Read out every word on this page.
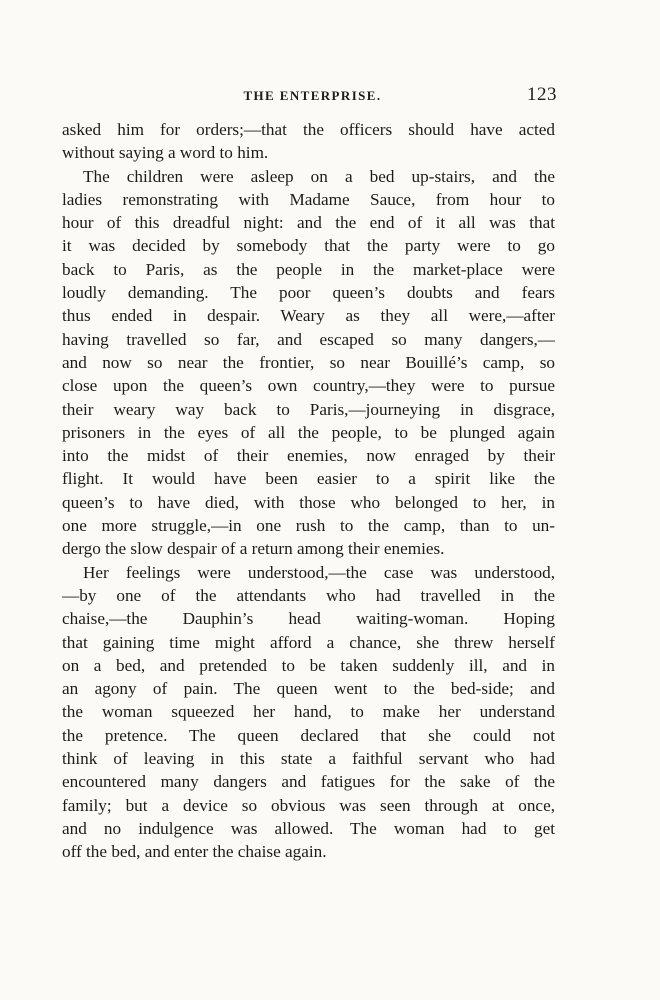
THE ENTERPRISE.	123
asked him for orders;—that the officers should have acted
without saying a word to him.
The children were asleep on a bed up-stairs, and the
ladies remonstrating with Madame Sauce, from hour to
hour of this dreadful night: and the end of it all was that
it was decided by somebody that the party were to go
back to Paris, as the people in the market-place were
loudly demanding. The poor queen’s doubts and fears
thus ended in despair. Weary as they all were,—after
having travelled so far, and escaped so many dangers,—
and now so near the frontier, so near Bouillé’s camp, so
close upon the queen’s own country,—they were to pursue
their weary way back to Paris,—journeying in disgrace,
prisoners in the eyes of all the people, to be plunged again
into the midst of their enemies, now enraged by their
flight. It would have been easier to a spirit like the
queen’s to have died, with those who belonged to her, in
one more struggle,—in one rush to the camp, than to un-
dergo the slow despair of a return among their enemies.
Her feelings were understood,—the case was understood,
—by one of the attendants who had travelled in the
chaise,—the Dauphin’s head waiting-woman. Hoping
that gaining time might afford a chance, she threw herself
on a bed, and pretended to be taken suddenly ill, and in
an agony of pain. The queen went to the bed-side; and
the woman squeezed her hand, to make her understand
the pretence. The queen declared that she could not
think of leaving in this state a faithful servant who had
encountered many dangers and fatigues for the sake of the
family; but a device so obvious was seen through at once,
and no indulgence was allowed. The woman had to get
off the bed, and enter the chaise again.
